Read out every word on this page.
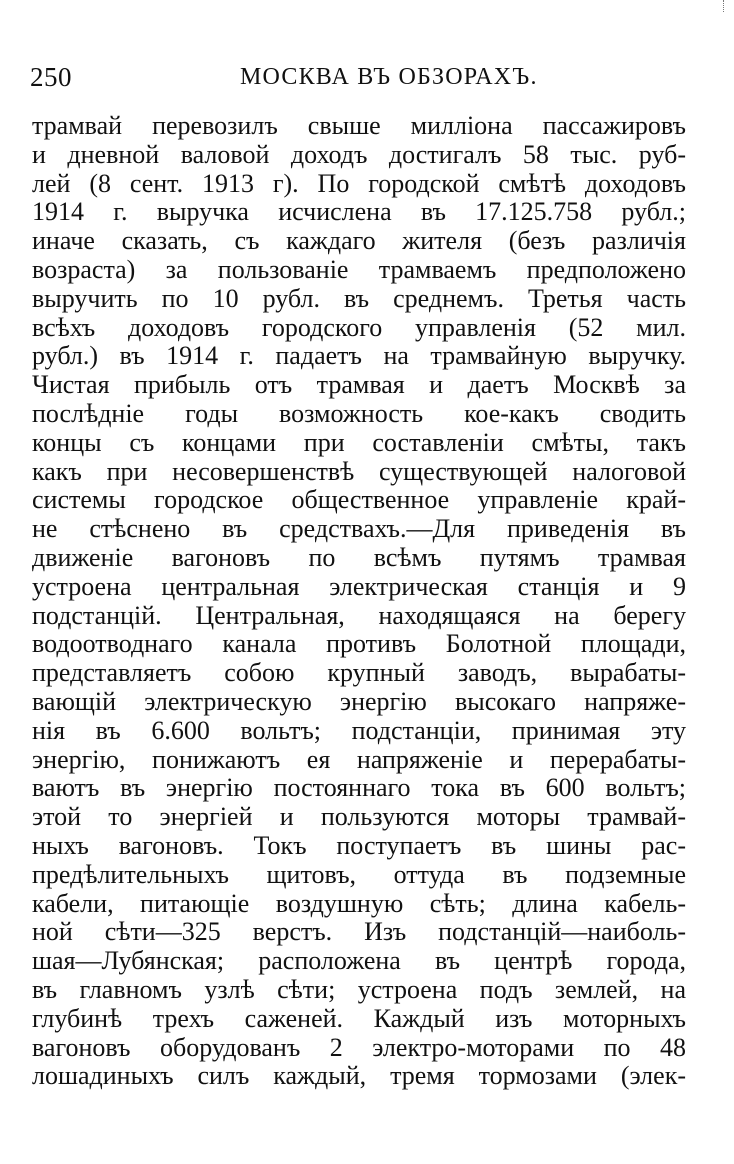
250	МОСКВА ВЪ ОБЗОРАХЪ.
трамвай перевозилъ свыше милліона пассажировъ
и дневной валовой доходъ достигалъ 58 тыс. руб-
лей (8 сент. 1913 г). По городской смѣтѣ доходовъ
1914 г. выручка исчислена въ 17.125.758 рубл.;
иначе сказать, съ каждаго жителя (безъ различія
возраста) за пользованіе трамваемъ предположено
выручить по 10 рубл. въ среднемъ. Третья часть
всѣхъ доходовъ городского управленія (52 мил.
рубл.) въ 1914 г. падаетъ на трамвайную выручку.
Чистая прибыль отъ трамвая и даетъ Москвѣ за
послѣдніе годы возможность кое-какъ сводить
концы съ концами при составленіи смѣты, такъ
какъ при несовершенствѣ существующей налоговой
системы городское общественное управленіе край-
не стѣснено въ средствахъ.—Для приведенія въ
движеніе вагоновъ по всѣмъ путямъ трамвая
устроена центральная электрическая станція и 9
подстанцій. Центральная, находящаяся на берегу
водоотводнаго канала противъ Болотной площади,
представляетъ собою крупный заводъ, вырабаты-
вающій электрическую энергію высокаго напряже-
нія въ 6.600 вольтъ; подстанціи, принимая эту
энергію, понижаютъ ея напряженіе и перерабаты-
ваютъ въ энергію постояннаго тока въ 600 вольтъ;
этой то энергіей и пользуются моторы трамвай-
ныхъ вагоновъ. Токъ поступаетъ въ шины рас-
предѣлительныхъ щитовъ, оттуда въ подземные
кабели, питающіе воздушную сѣть; длина кабель-
ной сѣти—325 верстъ. Изъ подстанцій—наиболь-
шая—Лубянская; расположена въ центрѣ города,
въ главномъ узлѣ сѣти; устроена подъ землей, на
глубинѣ трехъ саженей. Каждый изъ моторныхъ
вагоновъ оборудованъ 2 электро-моторами по 48
лошадиныхъ силъ каждый, тремя тормозами (элек-
